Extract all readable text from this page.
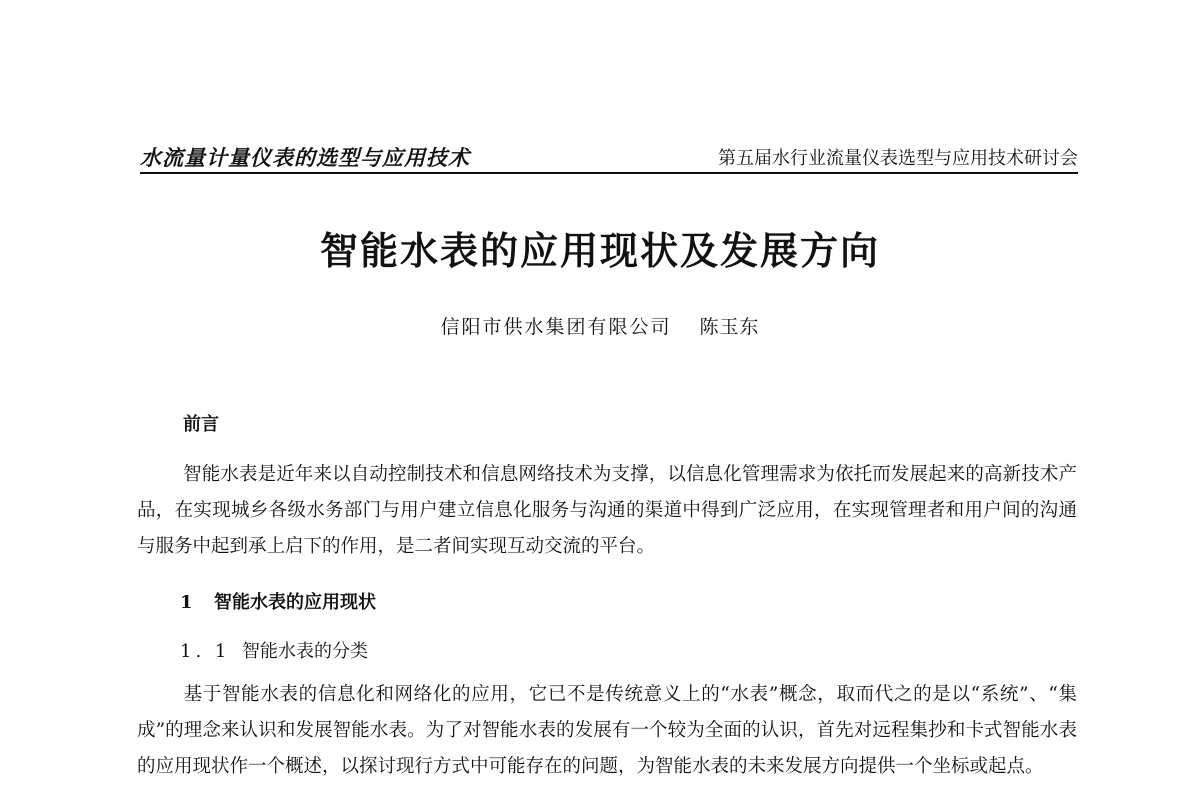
水流量计量仪表的选型与应用技术	第五届水行业流量仪表选型与应用技术研讨会
智能水表的应用现状及发展方向
信阳市供水集团有限公司 陈玉东
前言

智能水表是近年来以自动控制技术和信息网络技术为支撑，以信息化管理需求为依托而发展起来的高新技术产品，在实现城乡各级水务部门与用户建立信息化服务与沟通的渠道中得到广泛应用，在实现管理者和用户间的沟通与服务中起到承上启下的作用，是二者间实现互动交流的平台。

1 智能水表的应用现状
1. 1 智能水表的分类

基于智能水表的信息化和网络化的应用，它已不是传统意义上的“水表”概念，取而代之的是以“系统”、“集成”的理念来认识和发展智能水表。为了对智能水表的发展有一个较为全面的认识，首先对远程集抄和卡式智能水表的应用现状作一个概述，以探讨现行方式中可能存在的问题，为智能水表的未来发展方向提供一个坐标或起点。
